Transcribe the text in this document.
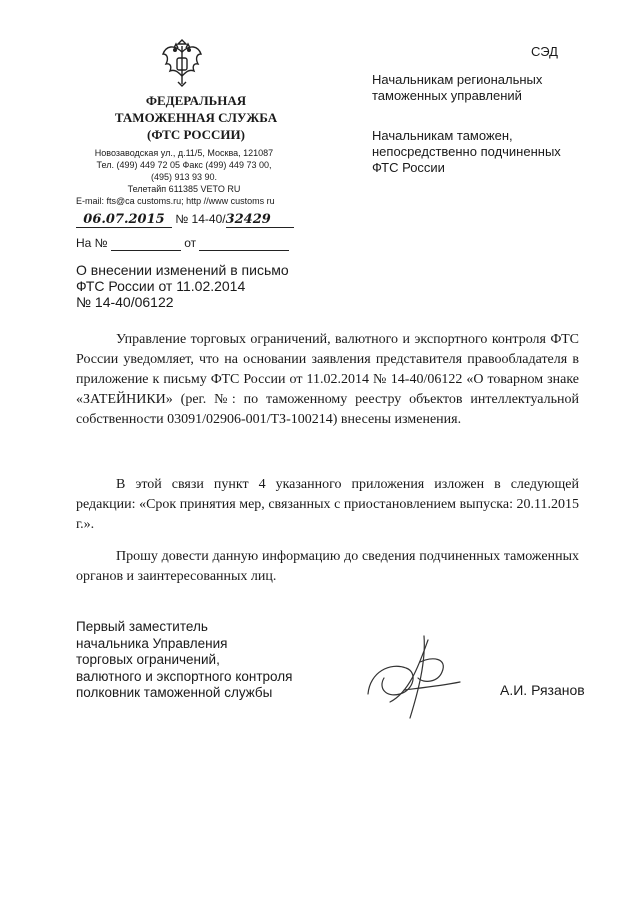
ФЕДЕРАЛЬНАЯ
ТАМОЖЕННАЯ СЛУЖБА
(ФТС РОССИИ)
Новозаводская ул., д.11/5, Москва, 121087
Тел. (499) 449 72 05 Факс (499) 449 73 00,
(495) 913 93 90.
Телетайп 611385 VETO RU
E-mail: fts@ca customs.ru; http //www customs ru
06.07.2015 № 14-40/32429
На №	от
СЭД
Начальникам региональных
таможенных управлений
Начальникам таможен,
непосредственно подчиненных
ФТС России
О внесении изменений в письмо
ФТС России от 11.02.2014
№ 14-40/06122
Управление торговых ограничений, валютного и экспортного контроля ФТС России уведомляет, что на основании заявления представителя правообладателя в приложение к письму ФТС России от 11.02.2014 № 14-40/06122 «О товарном знаке «ЗАТЕЙНИКИ» (рег. №: по таможенному реестру объектов интеллектуальной собственности 03091/02906-001/ТЗ-100214) внесены изменения.
В этой связи пункт 4 указанного приложения изложен в следующей редакции: «Срок принятия мер, связанных с приостановлением выпуска: 20.11.2015 г.».
Прошу довести данную информацию до сведения подчиненных таможенных органов и заинтересованных лиц.
Первый заместитель
начальника Управления
торговых ограничений,
валютного и экспортного контроля
полковник таможенной службы	А.И. Рязанов
